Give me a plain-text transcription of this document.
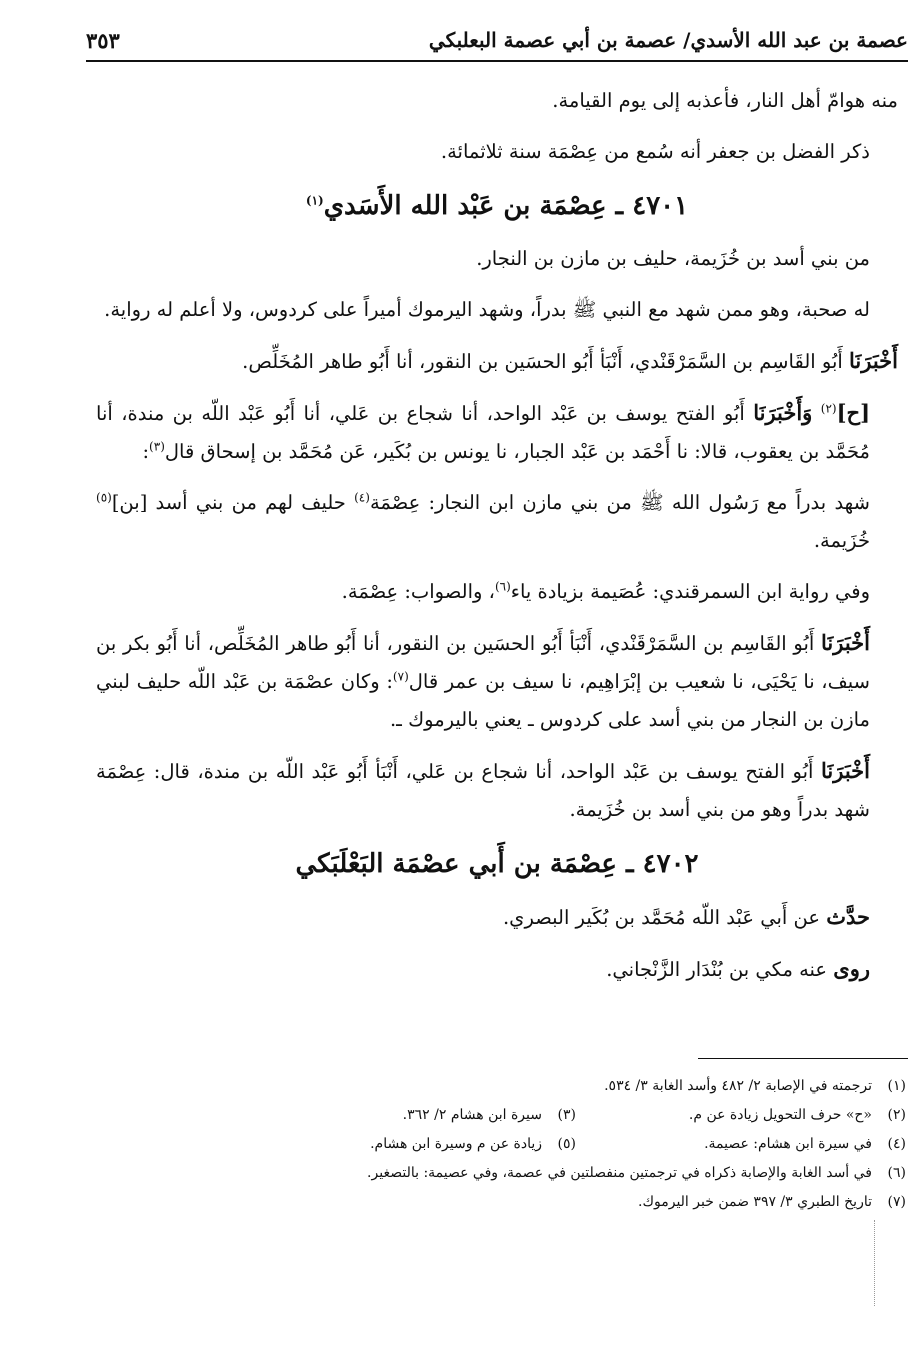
عصمة بن عبد الله الأسدي/ عصمة بن أبي عصمة البعلبكي
٣٥٣

منه هوامّ أهل النار، فأعذبه إلى يوم القيامة.

ذكر الفضل بن جعفر أنه سُمع من عِصْمَة سنة ثلاثمائة.

٤٧٠١ ـ عِصْمَة بن عَبْد الله الأَسَدي$^{(١)}$

من بني أسد بن خُزَيمة، حليف بن مازن بن النجار.

له صحبة، وهو ممن شهد مع النبي ﷺ بدراً، وشهد اليرموك أميراً على كردوس، ولا أعلم له رواية.

أَخْبَرَنَا أَبُو القَاسِم بن السَّمَرْقَنْدي، أَنْبَأ أَبُو الحسَين بن النقور، أنا أَبُو طاهر المُخَلِّص.

[ح]$^{(٢)}$ وَأَخْبَرَنَا أَبُو الفتح يوسف بن عَبْد الواحد، أنا شجاع بن عَلي، أنا أَبُو عَبْد اللّه بن مندة، أنا مُحَمَّد بن يعقوب، قالا: نا أَحْمَد بن عَبْد الجبار، نا يونس بن بُكَير، عَن مُحَمَّد بن إسحاق قال$^{(٣)}$:

شهد بدراً مع رَسُول الله ﷺ من بني مازن ابن النجار: عِصْمَة$^{(٤)}$ حليف لهم من بني أسد [بن]$^{(٥)}$ خُزَيمة.

وفي رواية ابن السمرقندي: عُصَيمة بزيادة ياء$^{(٦)}$، والصواب: عِصْمَة.

أَخْبَرَنَا أَبُو القَاسِم بن السَّمَرْقَنْدي، أَنْبَأ أَبُو الحسَين بن النقور، أنا أَبُو طاهر المُخَلِّص، أنا أَبُو بكر بن سيف، نا يَحْيَى، نا شعيب بن إبْرَاهِيم، نا سيف بن عمر قال$^{(٧)}$: وكان عصْمَة بن عَبْد اللّه حليف لبني مازن بن النجار من بني أسد على كردوس ـ يعني باليرموك ـ.

أَخْبَرَنَا أَبُو الفتح يوسف بن عَبْد الواحد، أنا شجاع بن عَلي، أَنْبَأ أَبُو عَبْد اللّه بن مندة، قال: عِصْمَة شهد بدراً وهو من بني أسد بن خُزَيمة.

٤٧٠٢ ـ عِصْمَة بن أَبي عصْمَة البَعْلَبَكي

حدَّث عن أَبي عَبْد اللّه مُحَمَّد بن بُكَير البصري.

روى عنه مكي بن بُنْدَار الزَّنْجاني.

(١)
ترجمته في الإصابة ٢/ ٤٨٢ وأسد الغابة ٣/ ٥٣٤.
(٢)
«ح» حرف التحويل زيادة عن م.
(٣)
سيرة ابن هشام ٢/ ٣٦٢.
(٤)
في سيرة ابن هشام: عصيمة.
(٥)
زيادة عن م وسيرة ابن هشام.
(٦)
في أسد الغابة والإصابة ذكراه في ترجمتين منفصلتين في عصمة، وفي عصيمة: بالتصغير.
(٧)
تاريخ الطبري ٣/ ٣٩٧ ضمن خبر اليرموك.
